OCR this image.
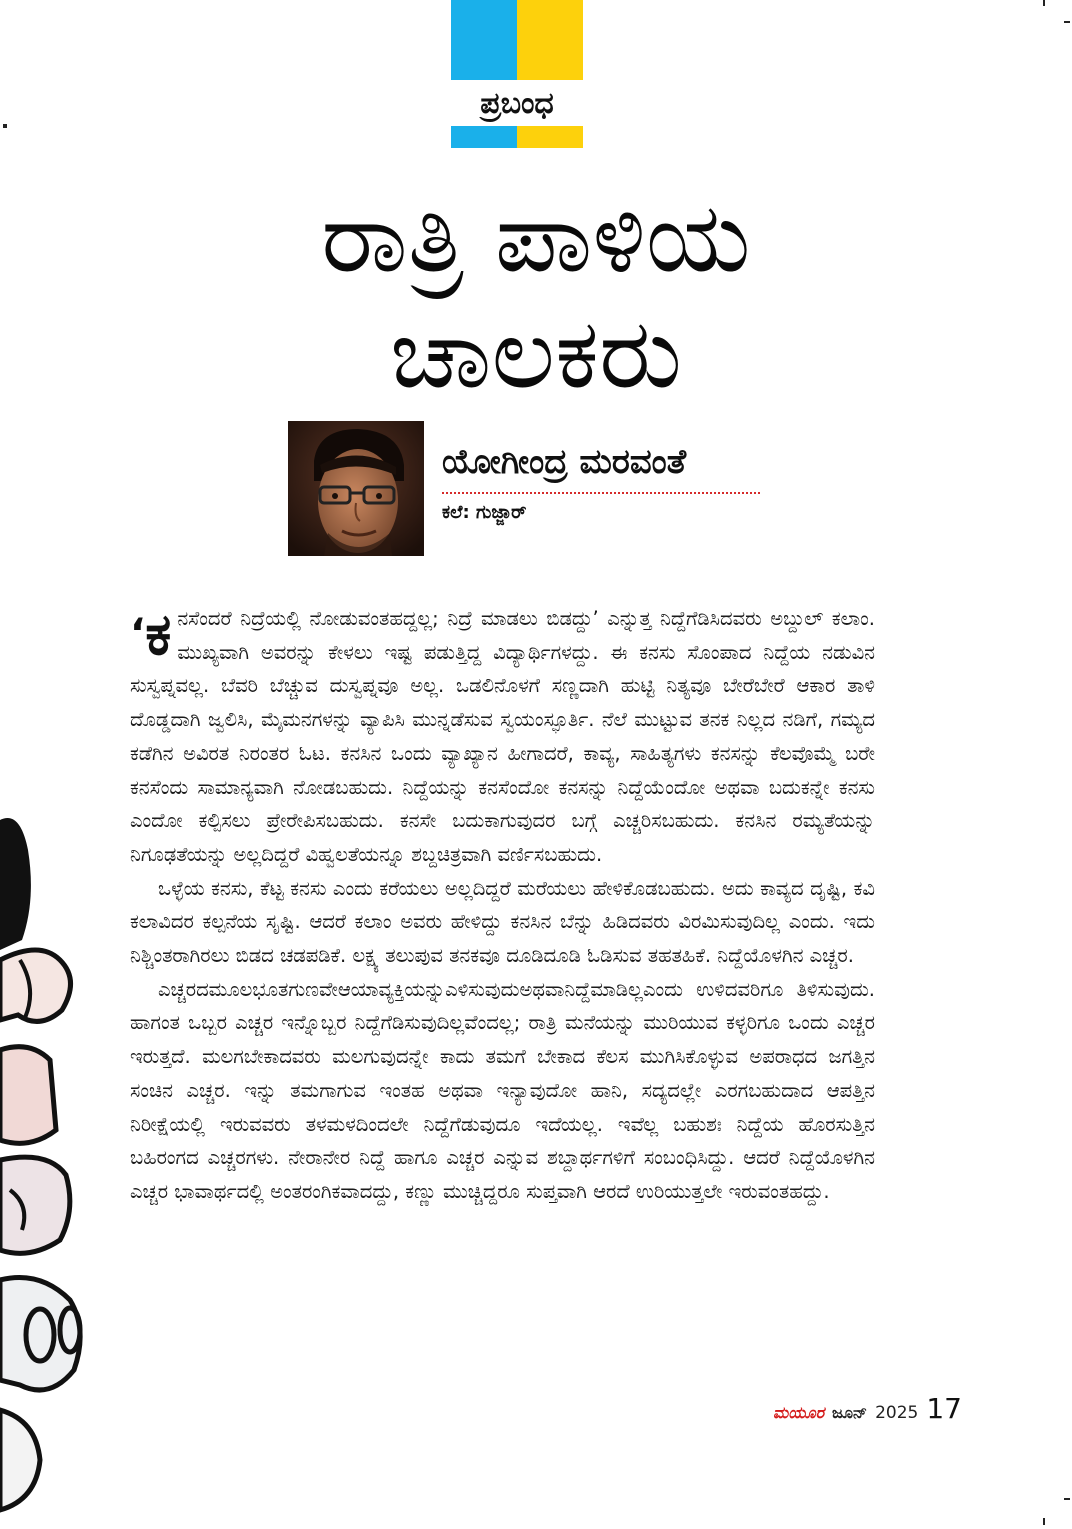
ಪ್ರಬಂಧ
ರಾತ್ರಿ ಪಾಳಿಯ
ಚಾಲಕರು
ಯೋಗೀಂದ್ರ ಮರವಂತೆ
ಕಲೆ: ಗುಜ್ಜಾರ್

‘ಕ ನಸೆಂದರೆ ನಿದ್ರೆಯಲ್ಲಿ ನೋಡುವಂತಹದ್ದಲ್ಲ; ನಿದ್ರೆ ಮಾಡಲು ಬಿಡದ್ದು’ ಎನ್ನುತ್ತ ನಿದ್ದೆಗೆಡಿಸಿದವರು ಅಬ್ದುಲ್ ಕಲಾಂ. ಮುಖ್ಯವಾಗಿ ಅವರನ್ನು ಕೇಳಲು ಇಷ್ಟ ಪಡುತ್ತಿದ್ದ ವಿದ್ಯಾರ್ಥಿಗಳದ್ದು. ಈ ಕನಸು ಸೊಂಪಾದ ನಿದ್ದೆಯ ನಡುವಿನ ಸುಸ್ವಪ್ನವಲ್ಲ. ಬೆವರಿ ಬೆಚ್ಚುವ ದುಸ್ವಪ್ನವೂ ಅಲ್ಲ. ಒಡಲಿನೊಳಗೆ ಸಣ್ಣದಾಗಿ ಹುಟ್ಟಿ ನಿತ್ಯವೂ ಬೇರೆಬೇರೆ ಆಕಾರ ತಾಳಿ ದೊಡ್ಡದಾಗಿ ಜ್ವಲಿಸಿ, ಮೈಮನಗಳನ್ನು ವ್ಯಾಪಿಸಿ ಮುನ್ನಡೆಸುವ ಸ್ವಯಂಸ್ಫೂರ್ತಿ. ನೆಲೆ ಮುಟ್ಟುವ ತನಕ ನಿಲ್ಲದ ನಡಿಗೆ, ಗಮ್ಯದ ಕಡೆಗಿನ ಅವಿರತ ನಿರಂತರ ಓಟ. ಕನಸಿನ ಒಂದು ವ್ಯಾಖ್ಯಾನ ಹೀಗಾದರೆ, ಕಾವ್ಯ, ಸಾಹಿತ್ಯಗಳು ಕನಸನ್ನು ಕೆಲವೊಮ್ಮೆ ಬರೇ ಕನಸೆಂದು ಸಾಮಾನ್ಯವಾಗಿ ನೋಡಬಹುದು. ನಿದ್ದೆಯನ್ನು ಕನಸೆಂದೋ ಕನಸನ್ನು ನಿದ್ದೆಯೆಂದೋ ಅಥವಾ ಬದುಕನ್ನೇ ಕನಸು ಎಂದೋ ಕಲ್ಪಿಸಲು ಪ್ರೇರೇಪಿಸಬಹುದು. ಕನಸೇ ಬದುಕಾಗುವುದರ ಬಗ್ಗೆ ಎಚ್ಚರಿಸಬಹುದು. ಕನಸಿನ ರಮ್ಯತೆಯನ್ನು ನಿಗೂಢತೆಯನ್ನು ಅಲ್ಲದಿದ್ದರೆ ವಿಹ್ವಲತೆಯನ್ನೂ ಶಬ್ದಚಿತ್ರವಾಗಿ ವರ್ಣಿಸಬಹುದು.

ಒಳ್ಳೆಯ ಕನಸು, ಕೆಟ್ಟ ಕನಸು ಎಂದು ಕರೆಯಲು ಅಲ್ಲದಿದ್ದರೆ ಮರೆಯಲು ಹೇಳಿಕೊಡಬಹುದು. ಅದು ಕಾವ್ಯದ ದೃಷ್ಟಿ, ಕವಿ ಕಲಾವಿದರ ಕಲ್ಪನೆಯ ಸೃಷ್ಟಿ. ಆದರೆ ಕಲಾಂ ಅವರು ಹೇಳಿದ್ದು ಕನಸಿನ ಬೆನ್ನು ಹಿಡಿದವರು ವಿರಮಿಸುವುದಿಲ್ಲ ಎಂದು. ಇದು ನಿಶ್ಚಿಂತರಾಗಿರಲು ಬಿಡದ ಚಡಪಡಿಕೆ. ಲಕ್ಷ್ಯ ತಲುಪುವ ತನಕವೂ ದೂಡಿದೂಡಿ ಓಡಿಸುವ ತಹತಹಿಕೆ. ನಿದ್ದೆಯೊಳಗಿನ ಎಚ್ಚರ.

ಎಚ್ಚರದಮೂಲಭೂತಗುಣವೇಆಯಾವ್ಯಕ್ತಿಯನ್ನುಎಳಿಸುವುದುಅಥವಾನಿದ್ದೆಮಾಡಿಲ್ಲಎಂದು ಉಳಿದವರಿಗೂ ತಿಳಿಸುವುದು. ಹಾಗಂತ ಒಬ್ಬರ ಎಚ್ಚರ ಇನ್ನೊಬ್ಬರ ನಿದ್ದೆಗೆಡಿಸುವುದಿಲ್ಲವೆಂದಲ್ಲ; ರಾತ್ರಿ ಮನೆಯನ್ನು ಮುರಿಯುವ ಕಳ್ಳರಿಗೂ ಒಂದು ಎಚ್ಚರ ಇರುತ್ತದೆ. ಮಲಗಬೇಕಾದವರು ಮಲಗುವುದನ್ನೇ ಕಾದು ತಮಗೆ ಬೇಕಾದ ಕೆಲಸ ಮುಗಿಸಿಕೊಳ್ಳುವ ಅಪರಾಧದ ಜಗತ್ತಿನ ಸಂಚಿನ ಎಚ್ಚರ. ಇನ್ನು ತಮಗಾಗುವ ಇಂತಹ ಅಥವಾ ಇನ್ಯಾವುದೋ ಹಾನಿ, ಸದ್ಯದಲ್ಲೇ ಎರಗಬಹುದಾದ ಆಪತ್ತಿನ ನಿರೀಕ್ಷೆಯಲ್ಲಿ ಇರುವವರು ತಳಮಳದಿಂದಲೇ ನಿದ್ದೆಗೆಡುವುದೂ ಇದೆಯಲ್ಲ. ಇವೆಲ್ಲ ಬಹುಶಃ ನಿದ್ದೆಯ ಹೊರಸುತ್ತಿನ ಬಹಿರಂಗದ ಎಚ್ಚರಗಳು. ನೇರಾನೇರ ನಿದ್ದೆ ಹಾಗೂ ಎಚ್ಚರ ಎನ್ನುವ ಶಬ್ದಾರ್ಥಗಳಿಗೆ ಸಂಬಂಧಿಸಿದ್ದು. ಆದರೆ ನಿದ್ದೆಯೊಳಗಿನ ಎಚ್ಚರ ಭಾವಾರ್ಥದಲ್ಲಿ ಅಂತರಂಗಿಕವಾದದ್ದು, ಕಣ್ಣು ಮುಚ್ಚಿದ್ದರೂ ಸುಪ್ತವಾಗಿ ಆರದೆ ಉರಿಯುತ್ತಲೇ ಇರುವಂತಹದ್ದು.

ಮಯೂರ ಜೂನ್ 2025 17
